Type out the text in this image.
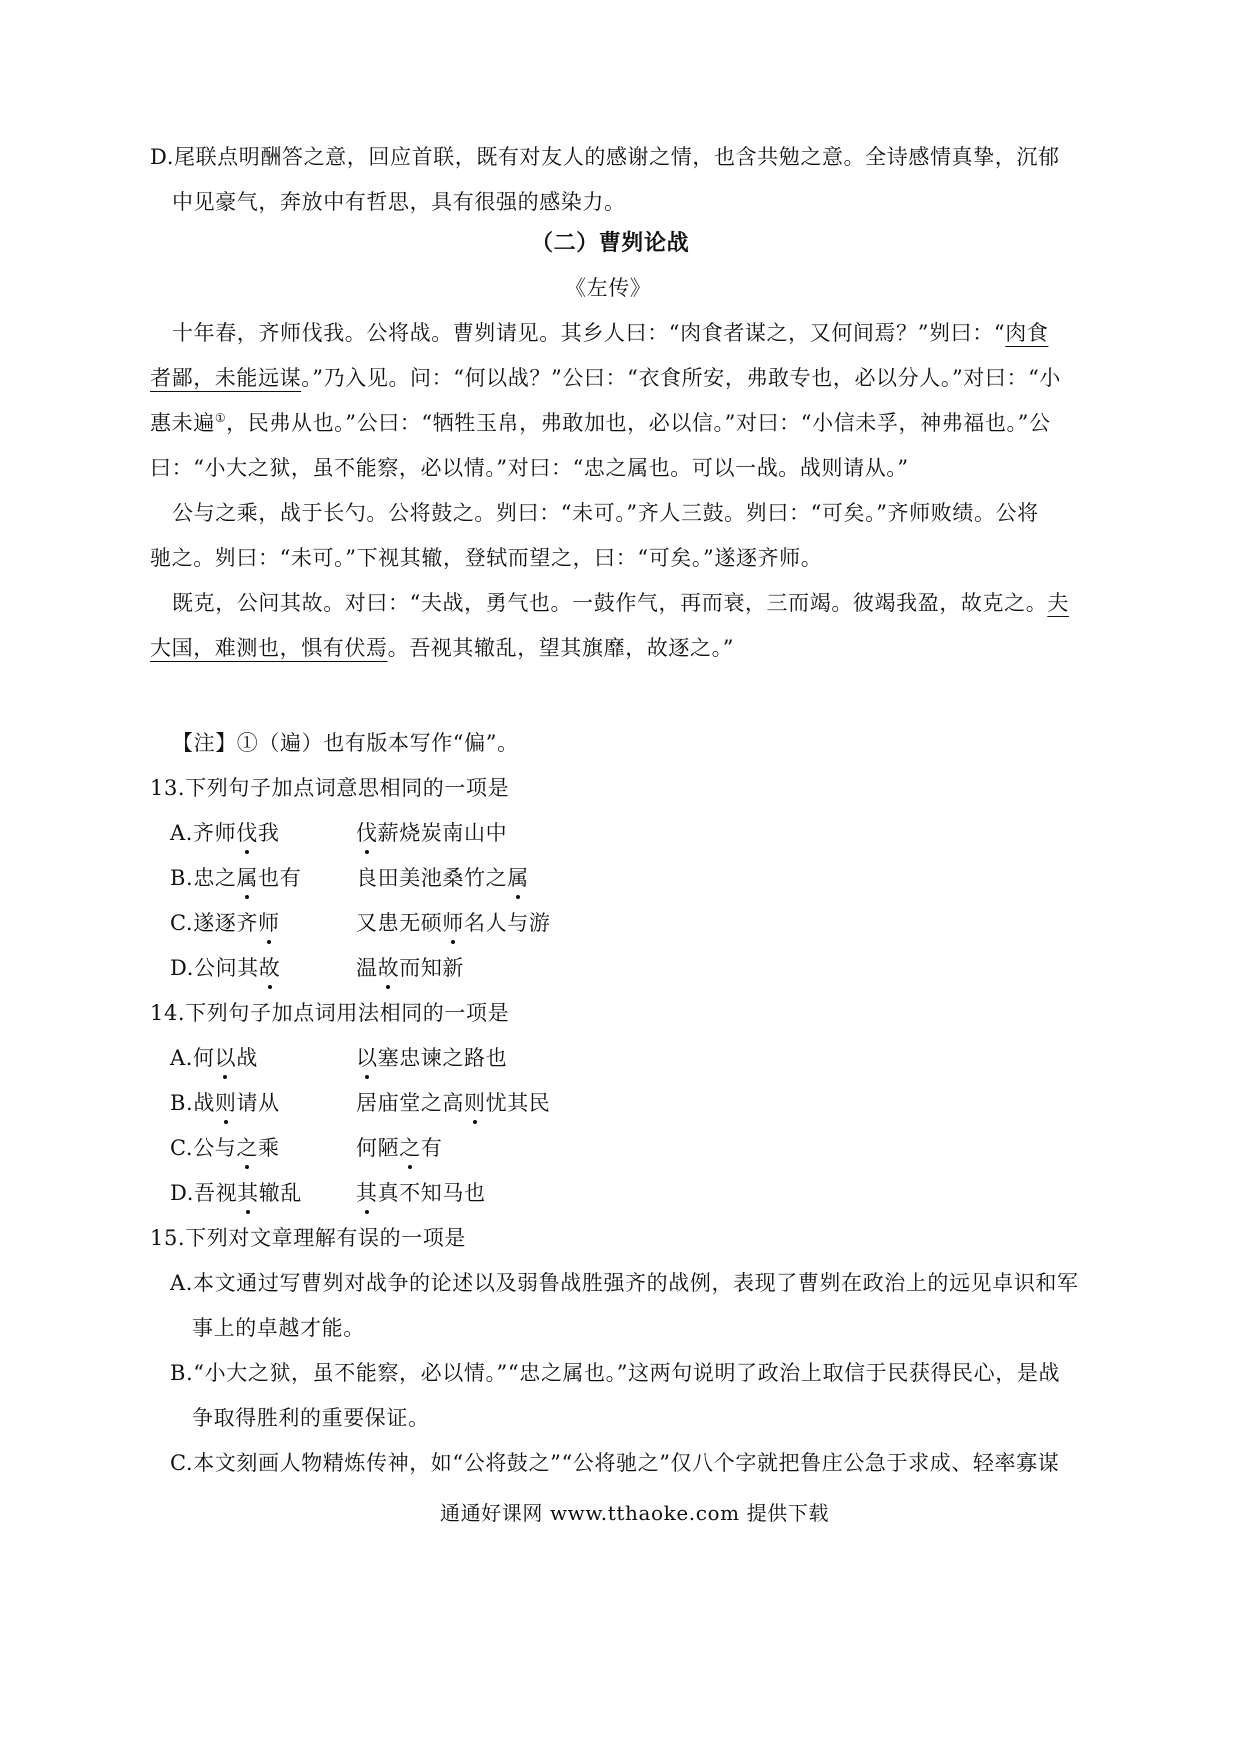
D.尾联点明酬答之意，回应首联，既有对友人的感谢之情，也含共勉之意。全诗感情真挚，沉郁
中见豪气，奔放中有哲思，具有很强的感染力。
（二）曹刿论战
《左传》
十年春，齐师伐我。公将战。曹刿请见。其乡人曰：“肉食者谋之，又何间焉？”刿曰：“肉食
者鄙，未能远谋。”乃入见。问：“何以战？”公曰：“衣食所安，弗敢专也，必以分人。”对曰：“小
惠未遍①，民弗从也。”公曰：“牺牲玉帛，弗敢加也，必以信。”对曰：“小信未孚，神弗福也。”公
曰：“小大之狱，虽不能察，必以情。”对曰：“忠之属也。可以一战。战则请从。”
公与之乘，战于长勺。公将鼓之。刿曰：“未可。”齐人三鼓。刿曰：“可矣。”齐师败绩。公将
驰之。刿曰：“未可。”下视其辙，登轼而望之，曰：“可矣。”遂逐齐师。
既克，公问其故。对曰：“夫战，勇气也。一鼓作气，再而衰，三而竭。彼竭我盈，故克之。夫
大国，难测也，惧有伏焉。吾视其辙乱，望其旗靡，故逐之。”
【注】①（遍）也有版本写作“偏”。
13.下列句子加点词意思相同的一项是
A.齐师伐我	伐薪烧炭南山中
B.忠之属也有	良田美池桑竹之属
C.遂逐齐师	又患无硕师名人与游
D.公问其故	温故而知新
14.下列句子加点词用法相同的一项是
A.何以战	以塞忠谏之路也
B.战则请从	居庙堂之高则忧其民
C.公与之乘	何陋之有
D.吾视其辙乱	其真不知马也
15.下列对文章理解有误的一项是
A.本文通过写曹刿对战争的论述以及弱鲁战胜强齐的战例，表现了曹刿在政治上的远见卓识和军
事上的卓越才能。
B.“小大之狱，虽不能察，必以情。”“忠之属也。”这两句说明了政治上取信于民获得民心，是战
争取得胜利的重要保证。
C.本文刻画人物精炼传神，如“公将鼓之”“公将驰之”仅八个字就把鲁庄公急于求成、轻率寡谋
通通好课网 www.tthaoke.com 提供下载
